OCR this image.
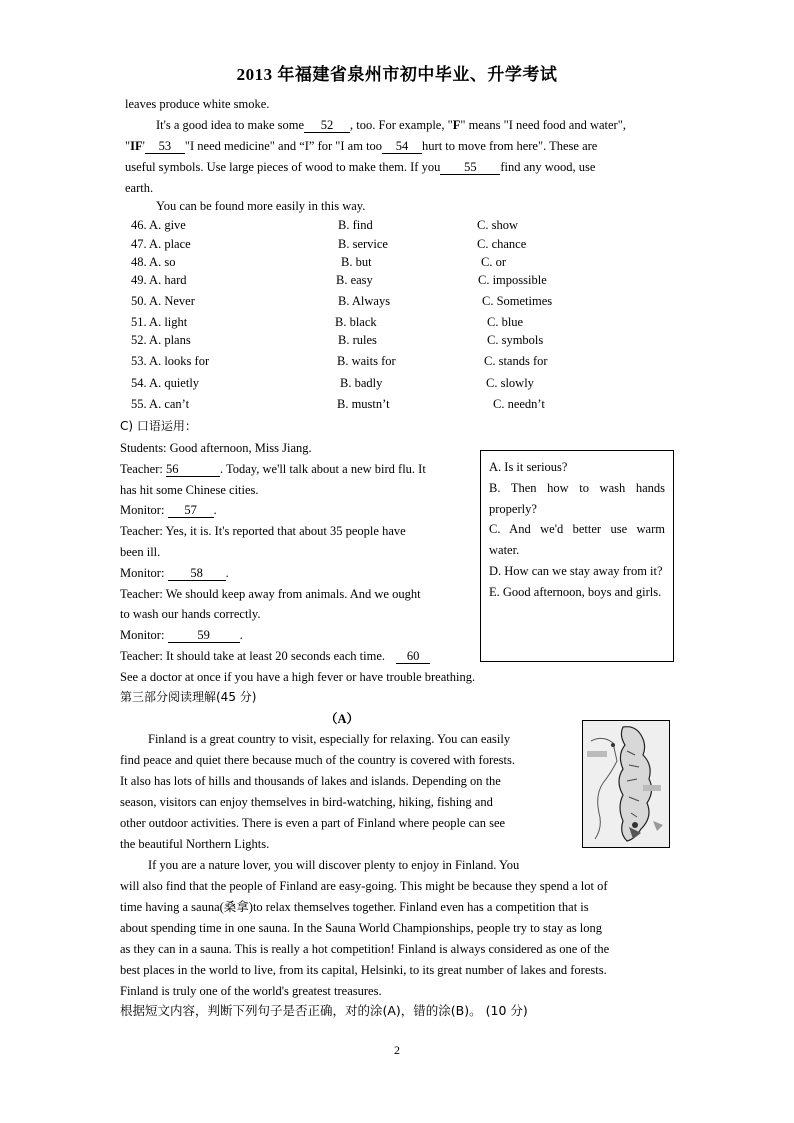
2013 年福建省泉州市初中毕业、升学考试
leaves produce white smoke.
It's a good idea to make some 52 , too. For example, "F" means "I need food and water",
"IF' 53 "I need medicine" and “I” for "I am too 54 hurt to move from here". These are
useful symbols. Use large pieces of wood to make them. If you 55 find any wood, use
earth.
You can be found more easily in this way.
46. A. give	B. find	C. show
47. A. place	B. service	C. chance
48. A. so	B. but	C. or
49. A. hard	B. easy	C. impossible
50. A. Never	B. Always	C. Sometimes
51. A. light	B. black	C. blue
52. A. plans	B. rules	C. symbols
53. A. looks for	B. waits for	C. stands for
54. A. quietly	B. badly	C. slowly
55. A. can’t	B. mustn’t	C. needn’t
C) 口语运用：
Students: Good afternoon, Miss Jiang.
Teacher: 56	. Today, we'll talk about a new bird flu. It
has hit some Chinese cities.
Monitor: 57 .
Teacher: Yes, it is. It's reported that about 35 people have
been ill.
Monitor: 58 .
Teacher: We should keep away from animals. And we ought
to wash our hands correctly.
Monitor:	59 .
Teacher: It should take at least 20 seconds each time. 60
See a doctor at once if you have a high fever or have trouble breathing.
A. Is it serious?
B. Then how to wash hands properly?
C. And we'd better use warm water.
D. How can we stay away from it?
E. Good afternoon, boys and girls.
第三部分阅读理解(45 分)
（A）
Finland is a great country to visit, especially for relaxing. You can easily
find peace and quiet there because much of the country is covered with forests.
It also has lots of hills and thousands of lakes and islands. Depending on the
season, visitors can enjoy themselves in bird-watching, hiking, fishing and
other outdoor activities. There is even a part of Finland where people can see
the beautiful Northern Lights.
If you are a nature lover, you will discover plenty to enjoy in Finland. You
will also find that the people of Finland are easy-going. This might be because they spend a lot of
time having a sauna(桑拿)to relax themselves together. Finland even has a competition that is
about spending time in one sauna. In the Sauna World Championships, people try to stay as long
as they can in a sauna. This is really a hot competition! Finland is always considered as one of the
best places in the world to live, from its capital, Helsinki, to its great number of lakes and forests.
Finland is truly one of the world's greatest treasures.
根据短文内容，判断下列句子是否正确，对的涂(A)，错的涂(B)。 (10 分)
2
